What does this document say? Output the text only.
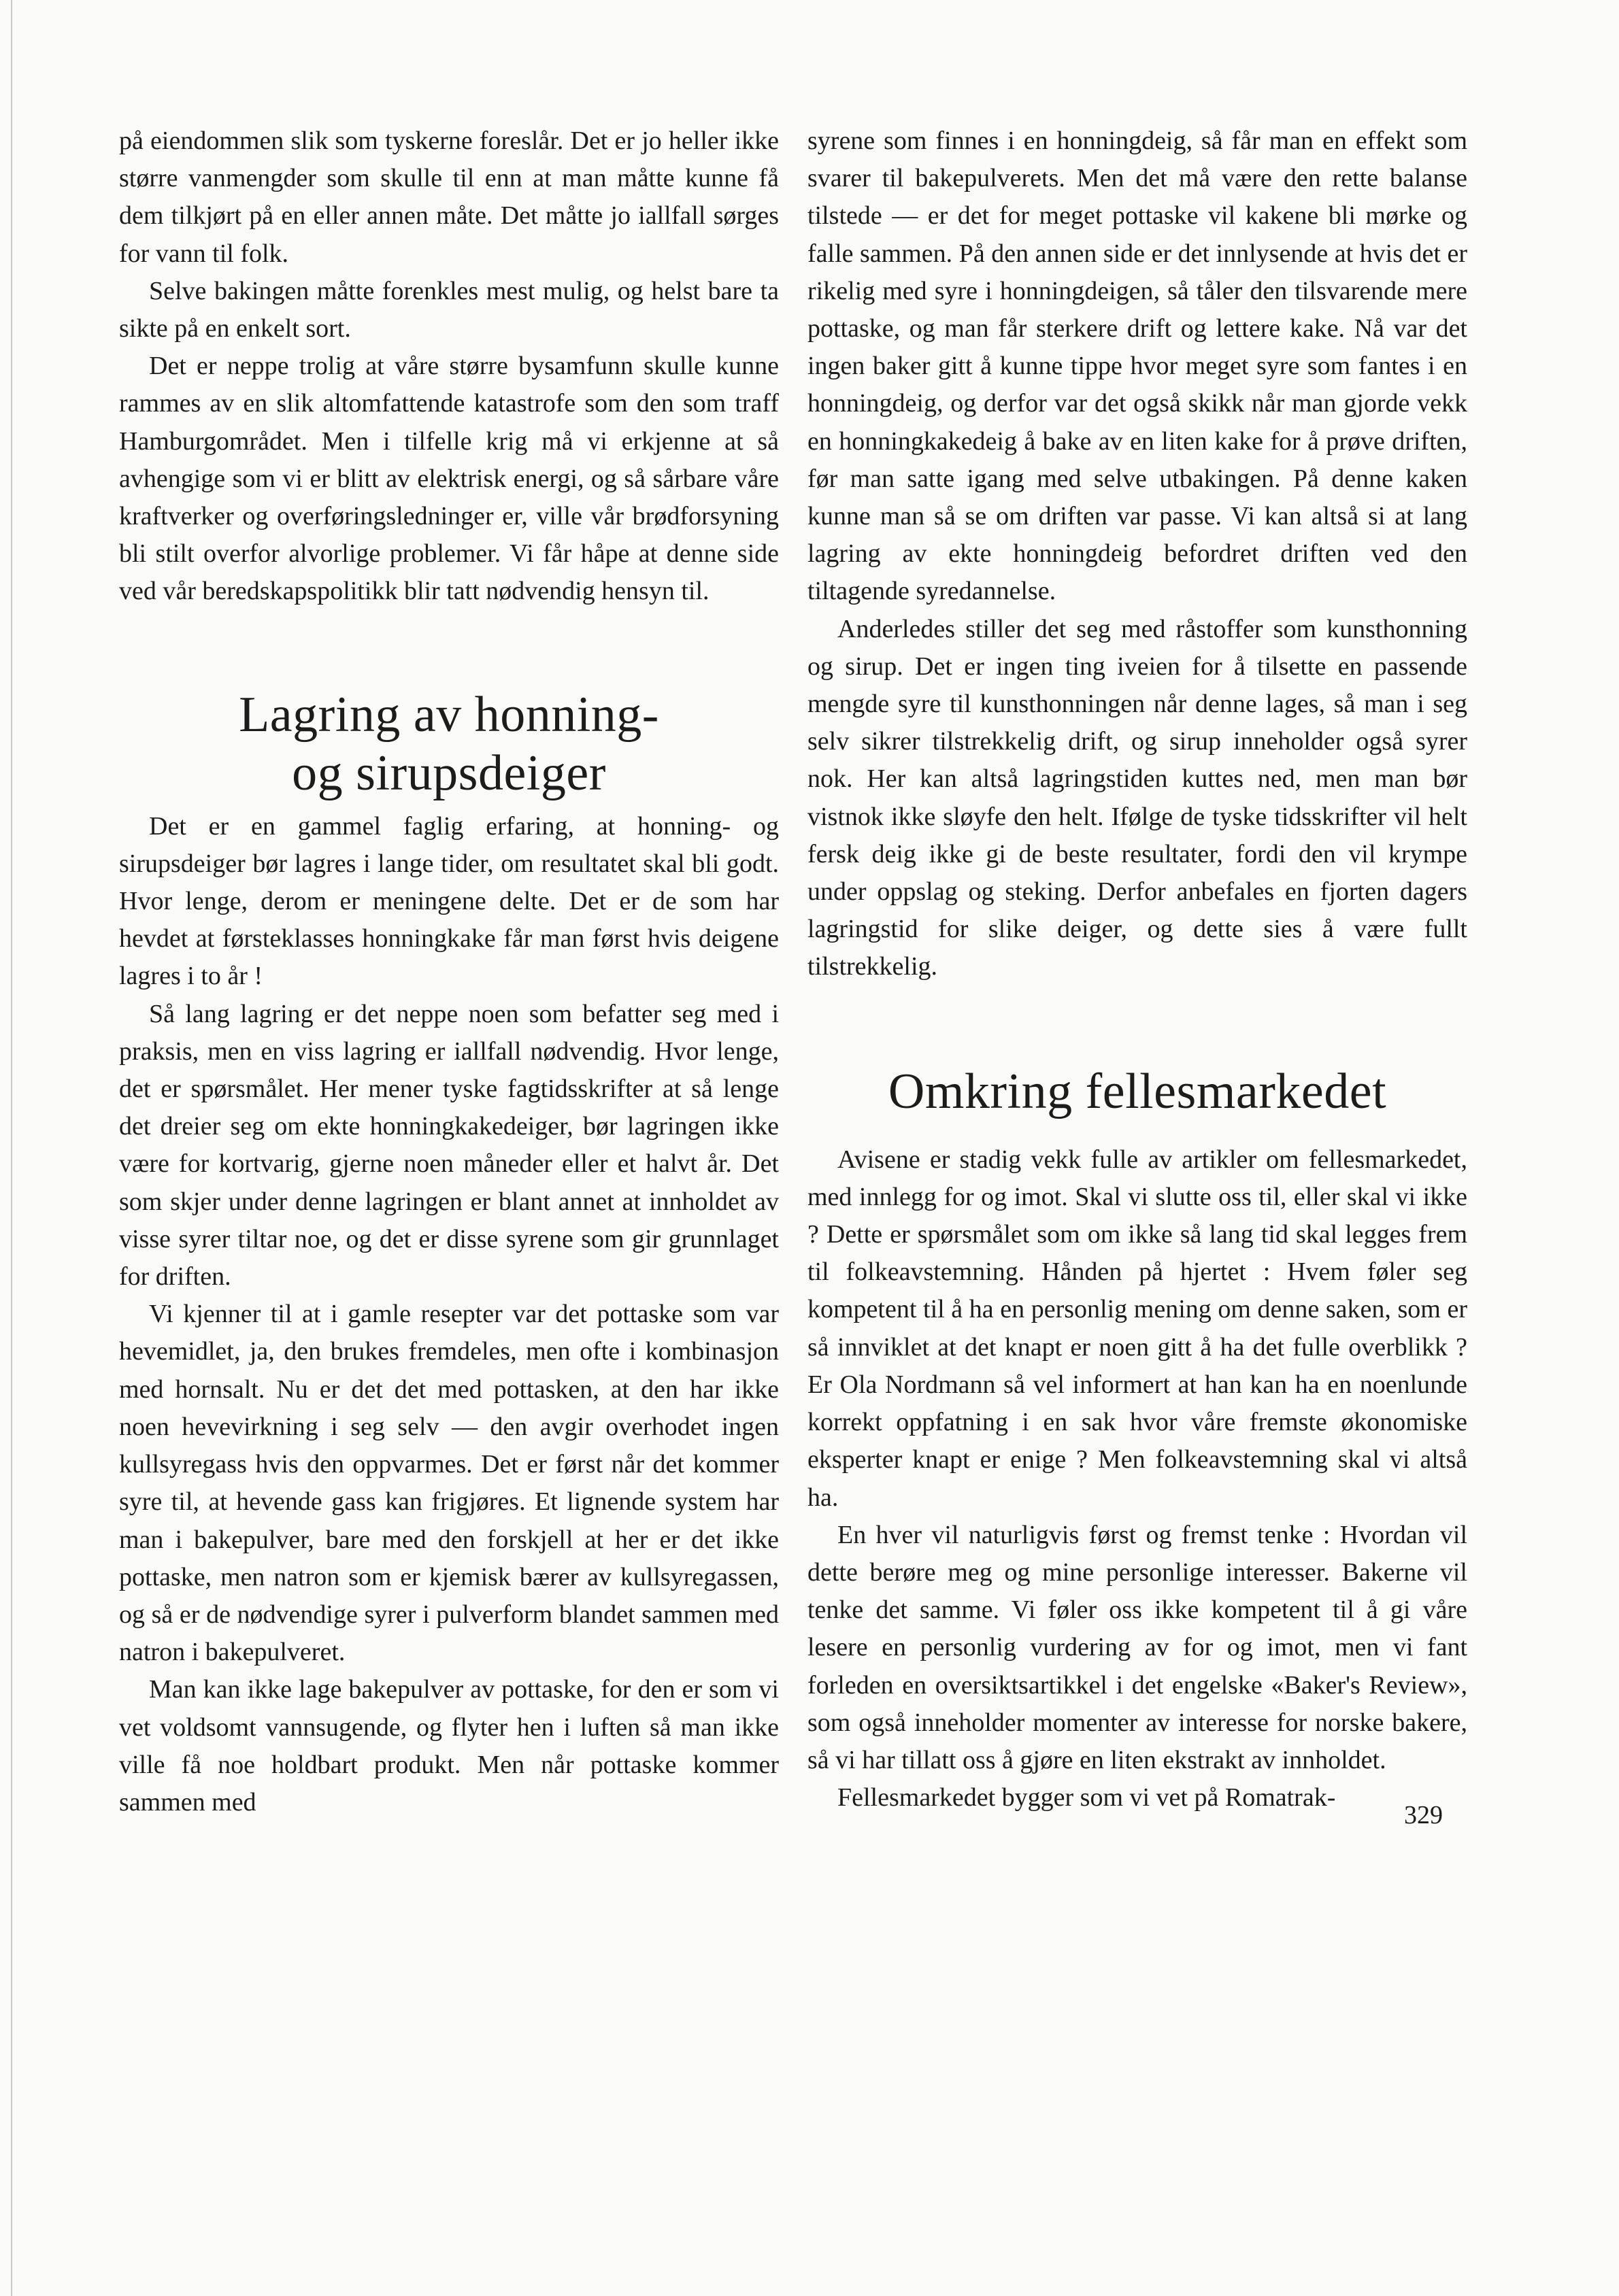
på eiendommen slik som tyskerne foreslår. Det er jo heller ikke større vanmengder som skulle til enn at man måtte kunne få dem tilkjørt på en eller annen måte. Det måtte jo iallfall sørges for vann til folk.

Selve bakingen måtte forenkles mest mulig, og helst bare ta sikte på en enkelt sort.

Det er neppe trolig at våre større bysamfunn skulle kunne rammes av en slik altomfattende katastrofe som den som traff Hamburgområdet. Men i tilfelle krig må vi erkjenne at så avhengige som vi er blitt av elektrisk energi, og så sårbare våre kraftverker og overføringsledninger er, ville vår brødforsyning bli stilt overfor alvorlige problemer. Vi får håpe at denne side ved vår beredskapspolitikk blir tatt nødvendig hensyn til.

Lagring av honning-
og sirupsdeiger

Det er en gammel faglig erfaring, at honning- og sirupsdeiger bør lagres i lange tider, om resultatet skal bli godt. Hvor lenge, derom er meningene delte. Det er de som har hevdet at førsteklasses honningkake får man først hvis deigene lagres i to år !

Så lang lagring er det neppe noen som befatter seg med i praksis, men en viss lagring er iallfall nødvendig. Hvor lenge, det er spørsmålet. Her mener tyske fagtidsskrifter at så lenge det dreier seg om ekte honningkakedeiger, bør lagringen ikke være for kortvarig, gjerne noen måneder eller et halvt år. Det som skjer under denne lagringen er blant annet at innholdet av visse syrer tiltar noe, og det er disse syrene som gir grunnlaget for driften.

Vi kjenner til at i gamle resepter var det pottaske som var hevemidlet, ja, den brukes fremdeles, men ofte i kombinasjon med hornsalt. Nu er det det med pottasken, at den har ikke noen hevevirkning i seg selv — den avgir overhodet ingen kullsyregass hvis den oppvarmes. Det er først når det kommer syre til, at hevende gass kan frigjøres. Et lignende system har man i bakepulver, bare med den forskjell at her er det ikke pottaske, men natron som er kjemisk bærer av kullsyregassen, og så er de nødvendige syrer i pulverform blandet sammen med natron i bakepulveret.

Man kan ikke lage bakepulver av pottaske, for den er som vi vet voldsomt vannsugende, og flyter hen i luften så man ikke ville få noe holdbart produkt. Men når pottaske kommer sammen med

syrene som finnes i en honningdeig, så får man en effekt som svarer til bakepulverets. Men det må være den rette balanse tilstede — er det for meget pottaske vil kakene bli mørke og falle sammen. På den annen side er det innlysende at hvis det er rikelig med syre i honningdeigen, så tåler den tilsvarende mere pottaske, og man får sterkere drift og lettere kake. Nå var det ingen baker gitt å kunne tippe hvor meget syre som fantes i en honningdeig, og derfor var det også skikk når man gjorde vekk en honningkakedeig å bake av en liten kake for å prøve driften, før man satte igang med selve utbakingen. På denne kaken kunne man så se om driften var passe. Vi kan altså si at lang lagring av ekte honningdeig befordret driften ved den tiltagende syredannelse.

Anderledes stiller det seg med råstoffer som kunsthonning og sirup. Det er ingen ting iveien for å tilsette en passende mengde syre til kunsthonningen når denne lages, så man i seg selv sikrer tilstrekkelig drift, og sirup inneholder også syrer nok. Her kan altså lagringstiden kuttes ned, men man bør vistnok ikke sløyfe den helt. Ifølge de tyske tidsskrifter vil helt fersk deig ikke gi de beste resultater, fordi den vil krympe under oppslag og steking. Derfor anbefales en fjorten dagers lagringstid for slike deiger, og dette sies å være fullt tilstrekkelig.

Omkring fellesmarkedet

Avisene er stadig vekk fulle av artikler om fellesmarkedet, med innlegg for og imot. Skal vi slutte oss til, eller skal vi ikke ? Dette er spørsmålet som om ikke så lang tid skal legges frem til folkeavstemning. Hånden på hjertet : Hvem føler seg kompetent til å ha en personlig mening om denne saken, som er så innviklet at det knapt er noen gitt å ha det fulle overblikk ? Er Ola Nordmann så vel informert at han kan ha en noenlunde korrekt oppfatning i en sak hvor våre fremste økonomiske eksperter knapt er enige ? Men folkeavstemning skal vi altså ha.

En hver vil naturligvis først og fremst tenke : Hvordan vil dette berøre meg og mine personlige interesser. Bakerne vil tenke det samme. Vi føler oss ikke kompetent til å gi våre lesere en personlig vurdering av for og imot, men vi fant forleden en oversiktsartikkel i det engelske «Baker's Review», som også inneholder momenter av interesse for norske bakere, så vi har tillatt oss å gjøre en liten ekstrakt av innholdet.

Fellesmarkedet bygger som vi vet på Romatrak-

329
